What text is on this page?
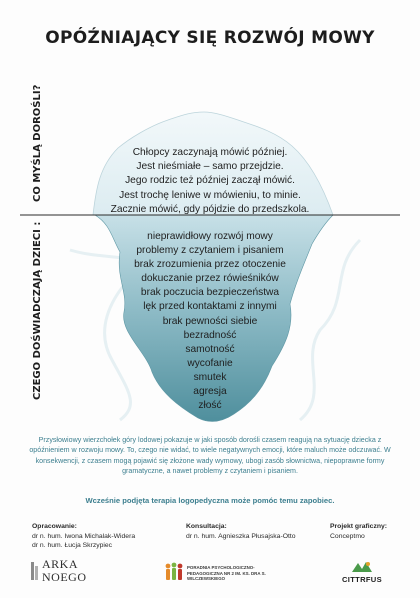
OPÓŹNIAJĄCY SIĘ ROZWÓJ MOWY
CO MYŚLĄ DOROŚLI?
CZEGO DOŚWIADCZAJĄ DZIECI :
Chłopcy zaczynają mówić później.
Jest nieśmiałe – samo przejdzie.
Jego rodzic też później zaczął mówić.
Jest trochę leniwe w mówieniu, to minie.
Zacznie mówić, gdy pójdzie do przedszkola.
nieprawidłowy rozwój mowy
problemy z czytaniem i pisaniem
brak zrozumienia przez otoczenie
dokuczanie przez rówieśników
brak poczucia bezpieczeństwa
lęk przed kontaktami z innymi
brak pewności siebie
bezradność
samotność
wycofanie
smutek
agresja
złość
Przysłowiowy wierzchołek góry lodowej pokazuje w jaki sposób dorośli czasem reagują na sytuację dziecka z opóźnieniem w rozwoju mowy. To, czego nie widać, to wiele negatywnych emocji, które maluch może odczuwać. W konsekwencji, z czasem mogą pojawić się złożone wady wymowy, ubogi zasób słownictwa, niepoprawne formy gramatyczne, a nawet problemy z czytaniem i pisaniem.
Wcześnie podjęta terapia logopedyczna może pomóc temu zapobiec.
Opracowanie:
dr n. hum. Iwona Michalak-Widera
dr n. hum. Łucja Skrzypiec
Konsultacja:
dr n. hum. Agnieszka Płusajska-Otto
Projekt graficzny:
Conceptmo
ARKA
NOEGO
PORADNIA PSYCHOLOGICZNO-PEDAGOGICZNA NR 2 IM. KS. DRA S. WILCZEWSKIEGO	CITTRFUS
